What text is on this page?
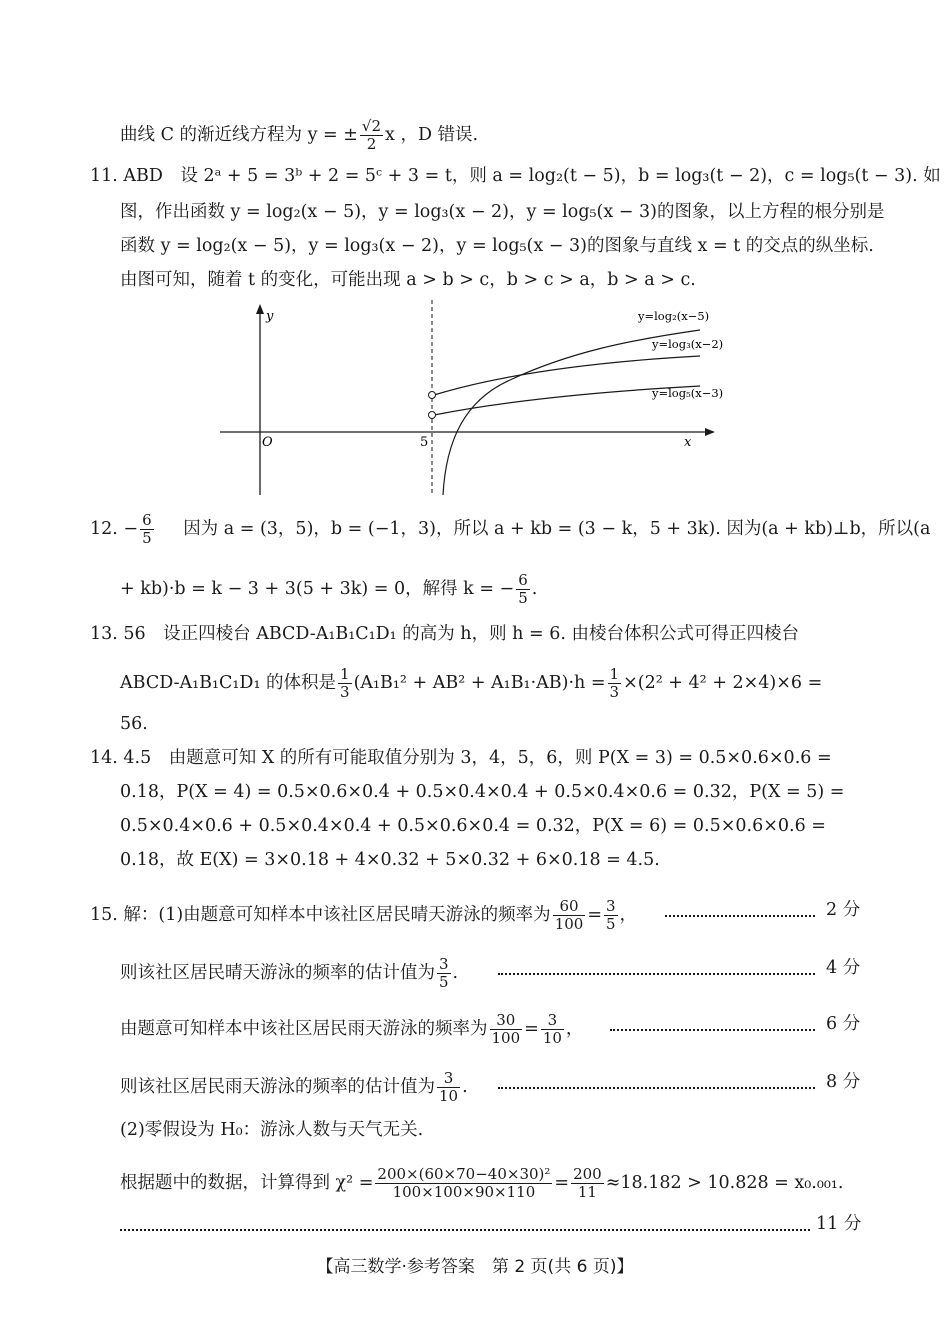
曲线 C 的渐近线方程为 y = ± $\frac{√2}{2}$ x ，D 错误.
11. ABD　设 2ᵃ + 5 = 3ᵇ + 2 = 5ᶜ + 3 = t，则 a = log₂(t − 5)，b = log₃(t − 2)，c = log₅(t − 3). 如
图，作出函数 y = log₂(x − 5)，y = log₃(x − 2)，y = log₅(x − 3)的图象，以上方程的根分别是
函数 y = log₂(x − 5)，y = log₃(x − 2)，y = log₅(x − 3)的图象与直线 x = t 的交点的纵坐标.
由图可知，随着 t 的变化，可能出现 a > b > c，b > c > a，b > a > c.
y
x
O	5
y=log₂(x−5)
y=log₃(x−2)
y=log₅(x−3)
12. − $\frac{6}{5}$ 因为 a = (3，5)，b = (−1，3)，所以 a + kb = (3 − k，5 + 3k). 因为(a + kb)⊥b，所以(a
+ kb)·b = k − 3 + 3(5 + 3k) = 0，解得 k = − $\frac{6}{5}$ .
13. 56　设正四棱台 ABCD-A₁B₁C₁D₁ 的高为 h，则 h = 6. 由棱台体积公式可得正四棱台
ABCD-A₁B₁C₁D₁ 的体积是 $\frac{1}{3} (A_1B_1^2 + AB^2 + A_1B_1\cdot AB)\cdot h = \frac{1}{3} \times(2^2 + 4^2 + 2\times 4)\times 6$ =
56.
14. 4.5　由题意可知 X 的所有可能取值分别为 3，4，5，6，则 P(X = 3) = 0.5×0.6×0.6 =
0.18，P(X = 4) = 0.5×0.6×0.4 + 0.5×0.4×0.4 + 0.5×0.4×0.6 = 0.32，P(X = 5) =
0.5×0.4×0.6 + 0.5×0.4×0.4 + 0.5×0.6×0.4 = 0.32，P(X = 6) = 0.5×0.6×0.6 =
0.18，故 E(X) = 3×0.18 + 4×0.32 + 5×0.32 + 6×0.18 = 4.5.
15. 解：(1)由题意可知样本中该社区居民晴天游泳的频率为 $\frac{60}{100} = \frac{3}{5}$ ，	2 分
则该社区居民晴天游泳的频率的估计值为 $\frac{3}{5}$ .	4 分
由题意可知样本中该社区居民雨天游泳的频率为 $\frac{30}{100} = \frac{3}{10}$ ，	6 分
则该社区居民雨天游泳的频率的估计值为 $\frac{3}{10}$ .	8 分
(2)零假设为 H₀：游泳人数与天气无关.
根据题中的数据，计算得到 $\chi^2 = \frac{\text{200×(60×70−40×30)²}}{100\times 100\times 90\times 110} = \frac{200}{11} \approx 18.182 > 10.828 = x_0._{001}$.
11 分
【高三数学·参考答案　第 2 页(共 6 页)】
